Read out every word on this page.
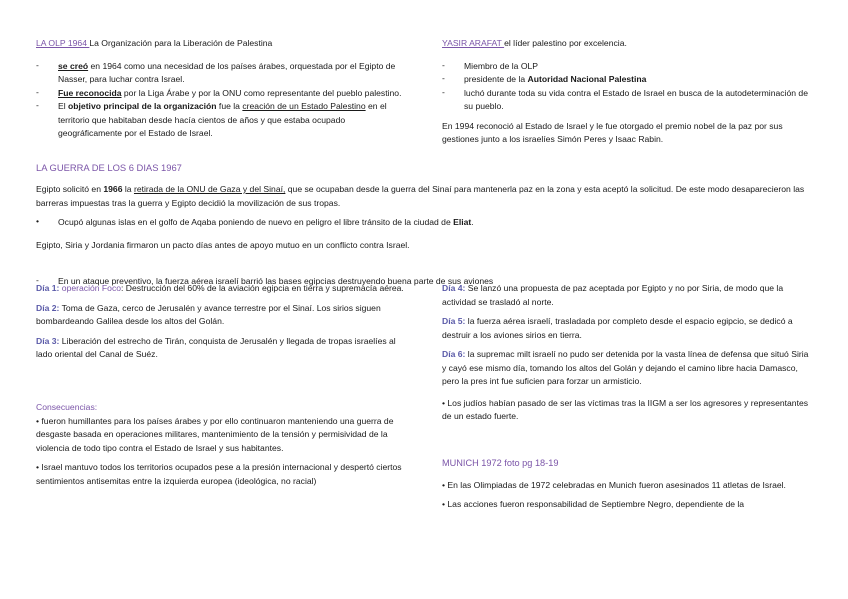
LA OLP 1964 La Organización para la Liberación de Palestina

- se creó en 1964 como una necesidad de los países árabes, orquestada por el Egipto de Nasser, para luchar contra Israel.

- Fue reconocida por la Liga Árabe y por la ONU como representante del pueblo palestino.

- El objetivo principal de la organización fue la creación de un Estado Palestino en el territorio que habitaban desde hacía cientos de años y que estaba ocupado geográficamente por el Estado de Israel.

YASIR ARAFAT el líder palestino por excelencia.

- Miembro de la OLP

- presidente de la Autoridad Nacional Palestina

- luchó durante toda su vida contra el Estado de Israel en busca de la autodeterminación de su pueblo.

En 1994 reconoció al Estado de Israel y le fue otorgado el premio nobel de la paz por sus gestiones junto a los israelíes Simón Peres y Isaac Rabin.

LA GUERRA DE LOS 6 DIAS 1967

Egipto solicitó en 1966 la retirada de la ONU de Gaza y del Sinaí, que se ocupaban desde la guerra del Sinaí para mantenerla paz en la zona y esta aceptó la solicitud. De este modo desaparecieron las barreras impuestas tras la guerra y Egipto decidió la movilización de sus tropas.

• Ocupó algunas islas en el golfo de Aqaba poniendo de nuevo en peligro el libre tránsito de la ciudad de Eliat.

Egipto, Siria y Jordania firmaron un pacto días antes de apoyo mutuo en un conflicto contra Israel.

- En un ataque preventivo, la fuerza aérea israelí barrió las bases egipcias destruyendo buena parte de sus aviones

Día 1: operación Foco: Destrucción del 60% de la aviación egipcia en tierra y supremacía aérea.

Día 2: Toma de Gaza, cerco de Jerusalén y avance terrestre por el Sinaí. Los sirios siguen bombardeando Galilea desde los altos del Golán.

Día 3: Liberación del estrecho de Tirán, conquista de Jerusalén y llegada de tropas israelíes al lado oriental del Canal de Suéz.

Consecuencias:

• fueron humillantes para los países árabes y por ello continuaron manteniendo una guerra de desgaste basada en operaciones militares, mantenimiento de la tensión y permisividad de la violencia de todo tipo contra el Estado de Israel y sus habitantes.

• Israel mantuvo todos los territorios ocupados pese a la presión internacional y despertó ciertos sentimientos antisemitas entre la izquierda europea (ideológica, no racial)

Día 4: Se lanzó una propuesta de paz aceptada por Egipto y no por Siria, de modo que la actividad se trasladó al norte.

Día 5: la fuerza aérea israelí, trasladada por completo desde el espacio egipcio, se dedicó a destruir a los aviones sirios en tierra.

Día 6: la supremac milt israelí no pudo ser detenida por la vasta línea de defensa que situó Siria y cayó ese mismo día, tomando los altos del Golán y dejando el camino libre hacia Damasco, pero la pres int fue suficien para forzar un armisticio.

• Los judíos habían pasado de ser las víctimas tras la IIGM a ser los agresores y representantes de un estado fuerte.

MUNICH 1972 foto pg 18-19

• En las Olimpiadas de 1972 celebradas en Munich fueron asesinados 11 atletas de Israel.

• Las acciones fueron responsabilidad de Septiembre Negro, dependiente de la
